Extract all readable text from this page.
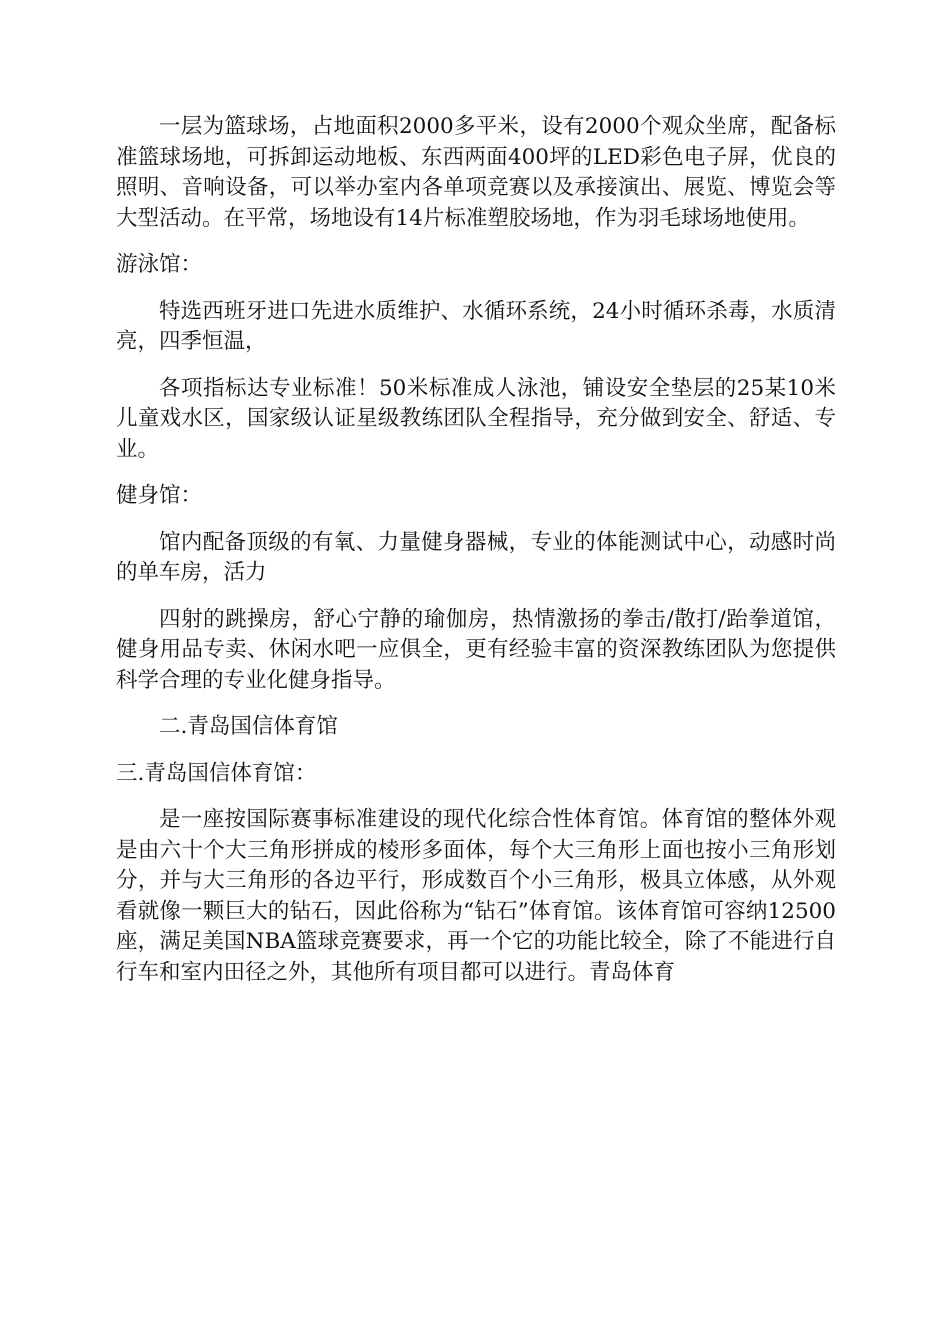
一层为篮球场，占地面积2000多平米，设有2000个观众坐席，配备标准篮球场地，可拆卸运动地板、东西两面400坪的LED彩色电子屏，优良的照明、音响设备，可以举办室内各单项竞赛以及承接演出、展览、博览会等大型活动。在平常，场地设有14片标准塑胶场地，作为羽毛球场地使用。

游泳馆：

特选西班牙进口先进水质维护、水循环系统，24小时循环杀毒，水质清亮，四季恒温，

各项指标达专业标准！50米标准成人泳池，铺设安全垫层的25某10米儿童戏水区，国家级认证星级教练团队全程指导，充分做到安全、舒适、专业。

健身馆：

馆内配备顶级的有氧、力量健身器械，专业的体能测试中心，动感时尚的单车房，活力

四射的跳操房，舒心宁静的瑜伽房，热情激扬的拳击/散打/跆拳道馆，健身用品专卖、休闲水吧一应俱全，更有经验丰富的资深教练团队为您提供科学合理的专业化健身指导。

二.青岛国信体育馆

三.青岛国信体育馆：

是一座按国际赛事标准建设的现代化综合性体育馆。体育馆的整体外观是由六十个大三角形拼成的棱形多面体，每个大三角形上面也按小三角形划分，并与大三角形的各边平行，形成数百个小三角形，极具立体感，从外观看就像一颗巨大的钻石，因此俗称为“钻石”体育馆。该体育馆可容纳12500座，满足美国NBA篮球竞赛要求，再一个它的功能比较全，除了不能进行自行车和室内田径之外，其他所有项目都可以进行。青岛体育
